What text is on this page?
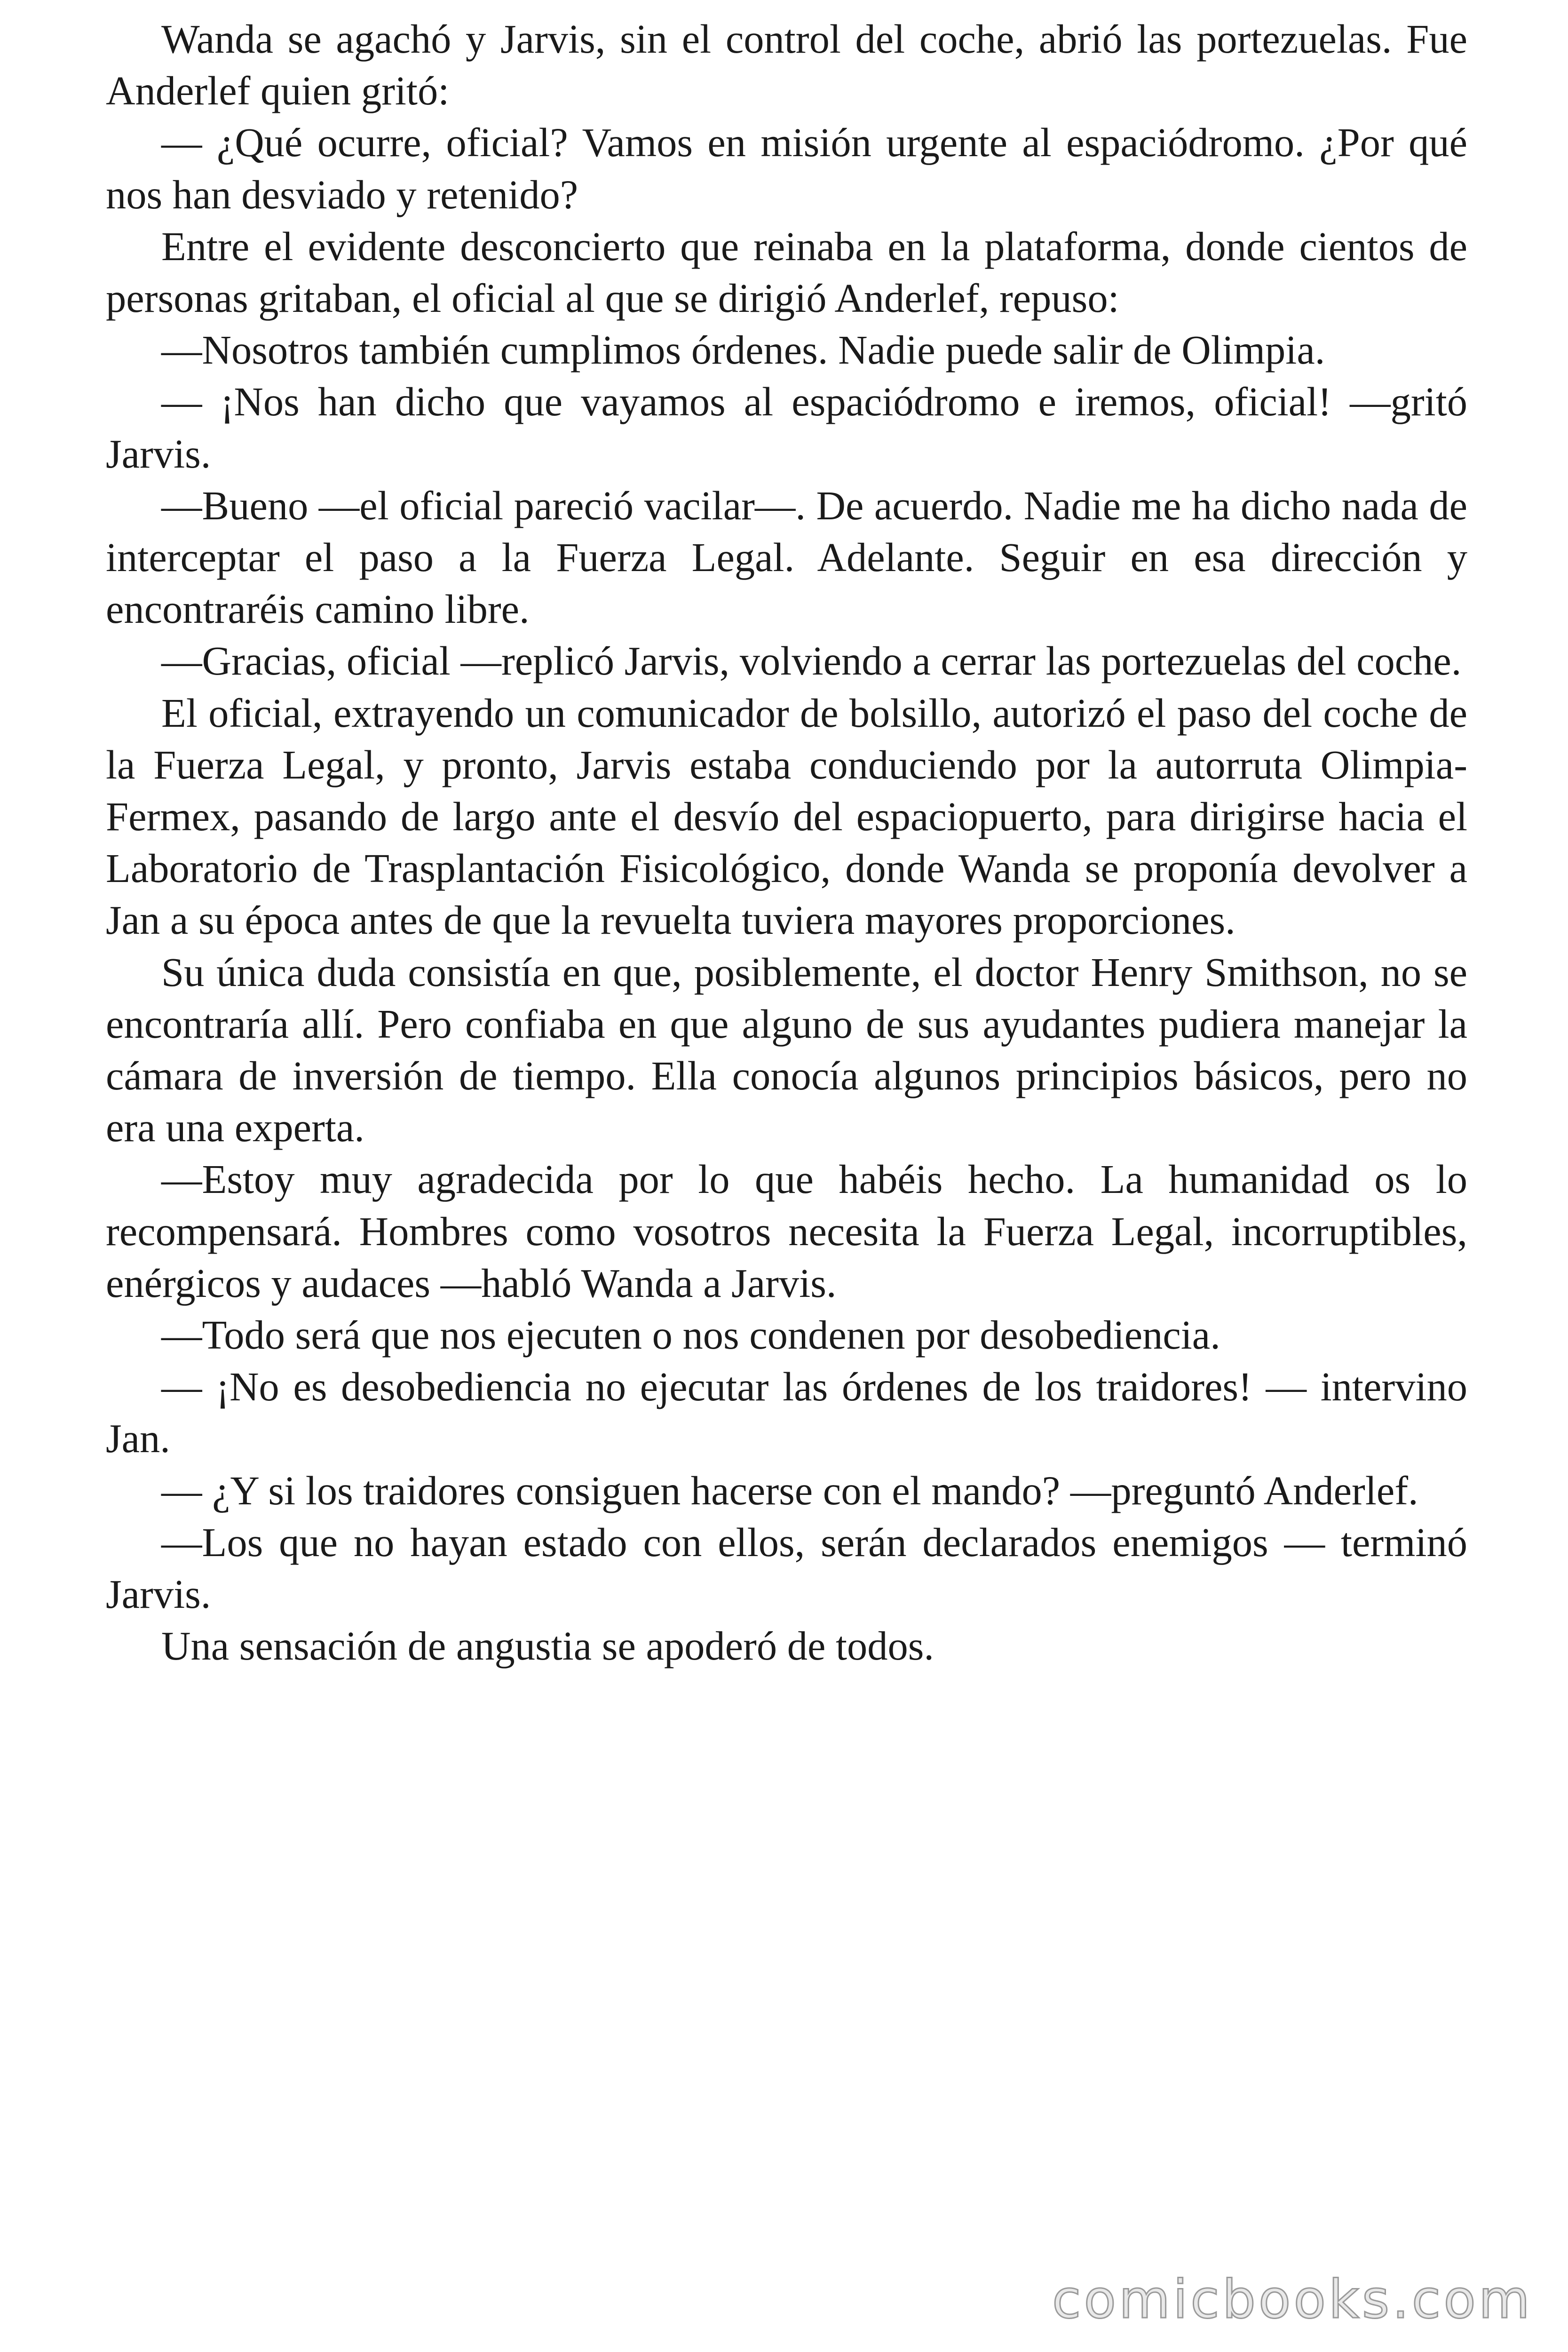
Wanda se agachó y Jarvis, sin el control del coche, abrió las portezuelas. Fue Anderlef quien gritó:

— ¿Qué ocurre, oficial? Vamos en misión urgente al espaciódromo. ¿Por qué nos han desviado y retenido?

Entre el evidente desconcierto que reinaba en la plataforma, donde cientos de personas gritaban, el oficial al que se dirigió Anderlef, repuso:

—Nosotros también cumplimos órdenes. Nadie puede salir de Olimpia.

— ¡Nos han dicho que vayamos al espaciódromo e iremos, oficial! —gritó Jarvis.

—Bueno —el oficial pareció vacilar—. De acuerdo. Nadie me ha dicho nada de interceptar el paso a la Fuerza Legal. Adelante. Seguir en esa dirección y encontraréis camino libre.

—Gracias, oficial —replicó Jarvis, volviendo a cerrar las portezuelas del coche.

El oficial, extrayendo un comunicador de bolsillo, autorizó el paso del coche de la Fuerza Legal, y pronto, Jarvis estaba conduciendo por la autorruta Olimpia-Fermex, pasando de largo ante el desvío del espaciopuerto, para dirigirse hacia el Laboratorio de Trasplantación Fisicológico, donde Wanda se proponía devolver a Jan a su época antes de que la revuelta tuviera mayores proporciones.

Su única duda consistía en que, posiblemente, el doctor Henry Smithson, no se encontraría allí. Pero confiaba en que alguno de sus ayudantes pudiera manejar la cámara de inversión de tiempo. Ella conocía algunos principios básicos, pero no era una experta.

—Estoy muy agradecida por lo que habéis hecho. La humanidad os lo recompensará. Hombres como vosotros necesita la Fuerza Legal, incorruptibles, enérgicos y audaces —habló Wanda a Jarvis.

—Todo será que nos ejecuten o nos condenen por desobediencia.

— ¡No es desobediencia no ejecutar las órdenes de los traidores! — intervino Jan.

— ¿Y si los traidores consiguen hacerse con el mando? —preguntó Anderlef.

—Los que no hayan estado con ellos, serán declarados enemigos — terminó Jarvis.

Una sensación de angustia se apoderó de todos.

comicbooks.com
